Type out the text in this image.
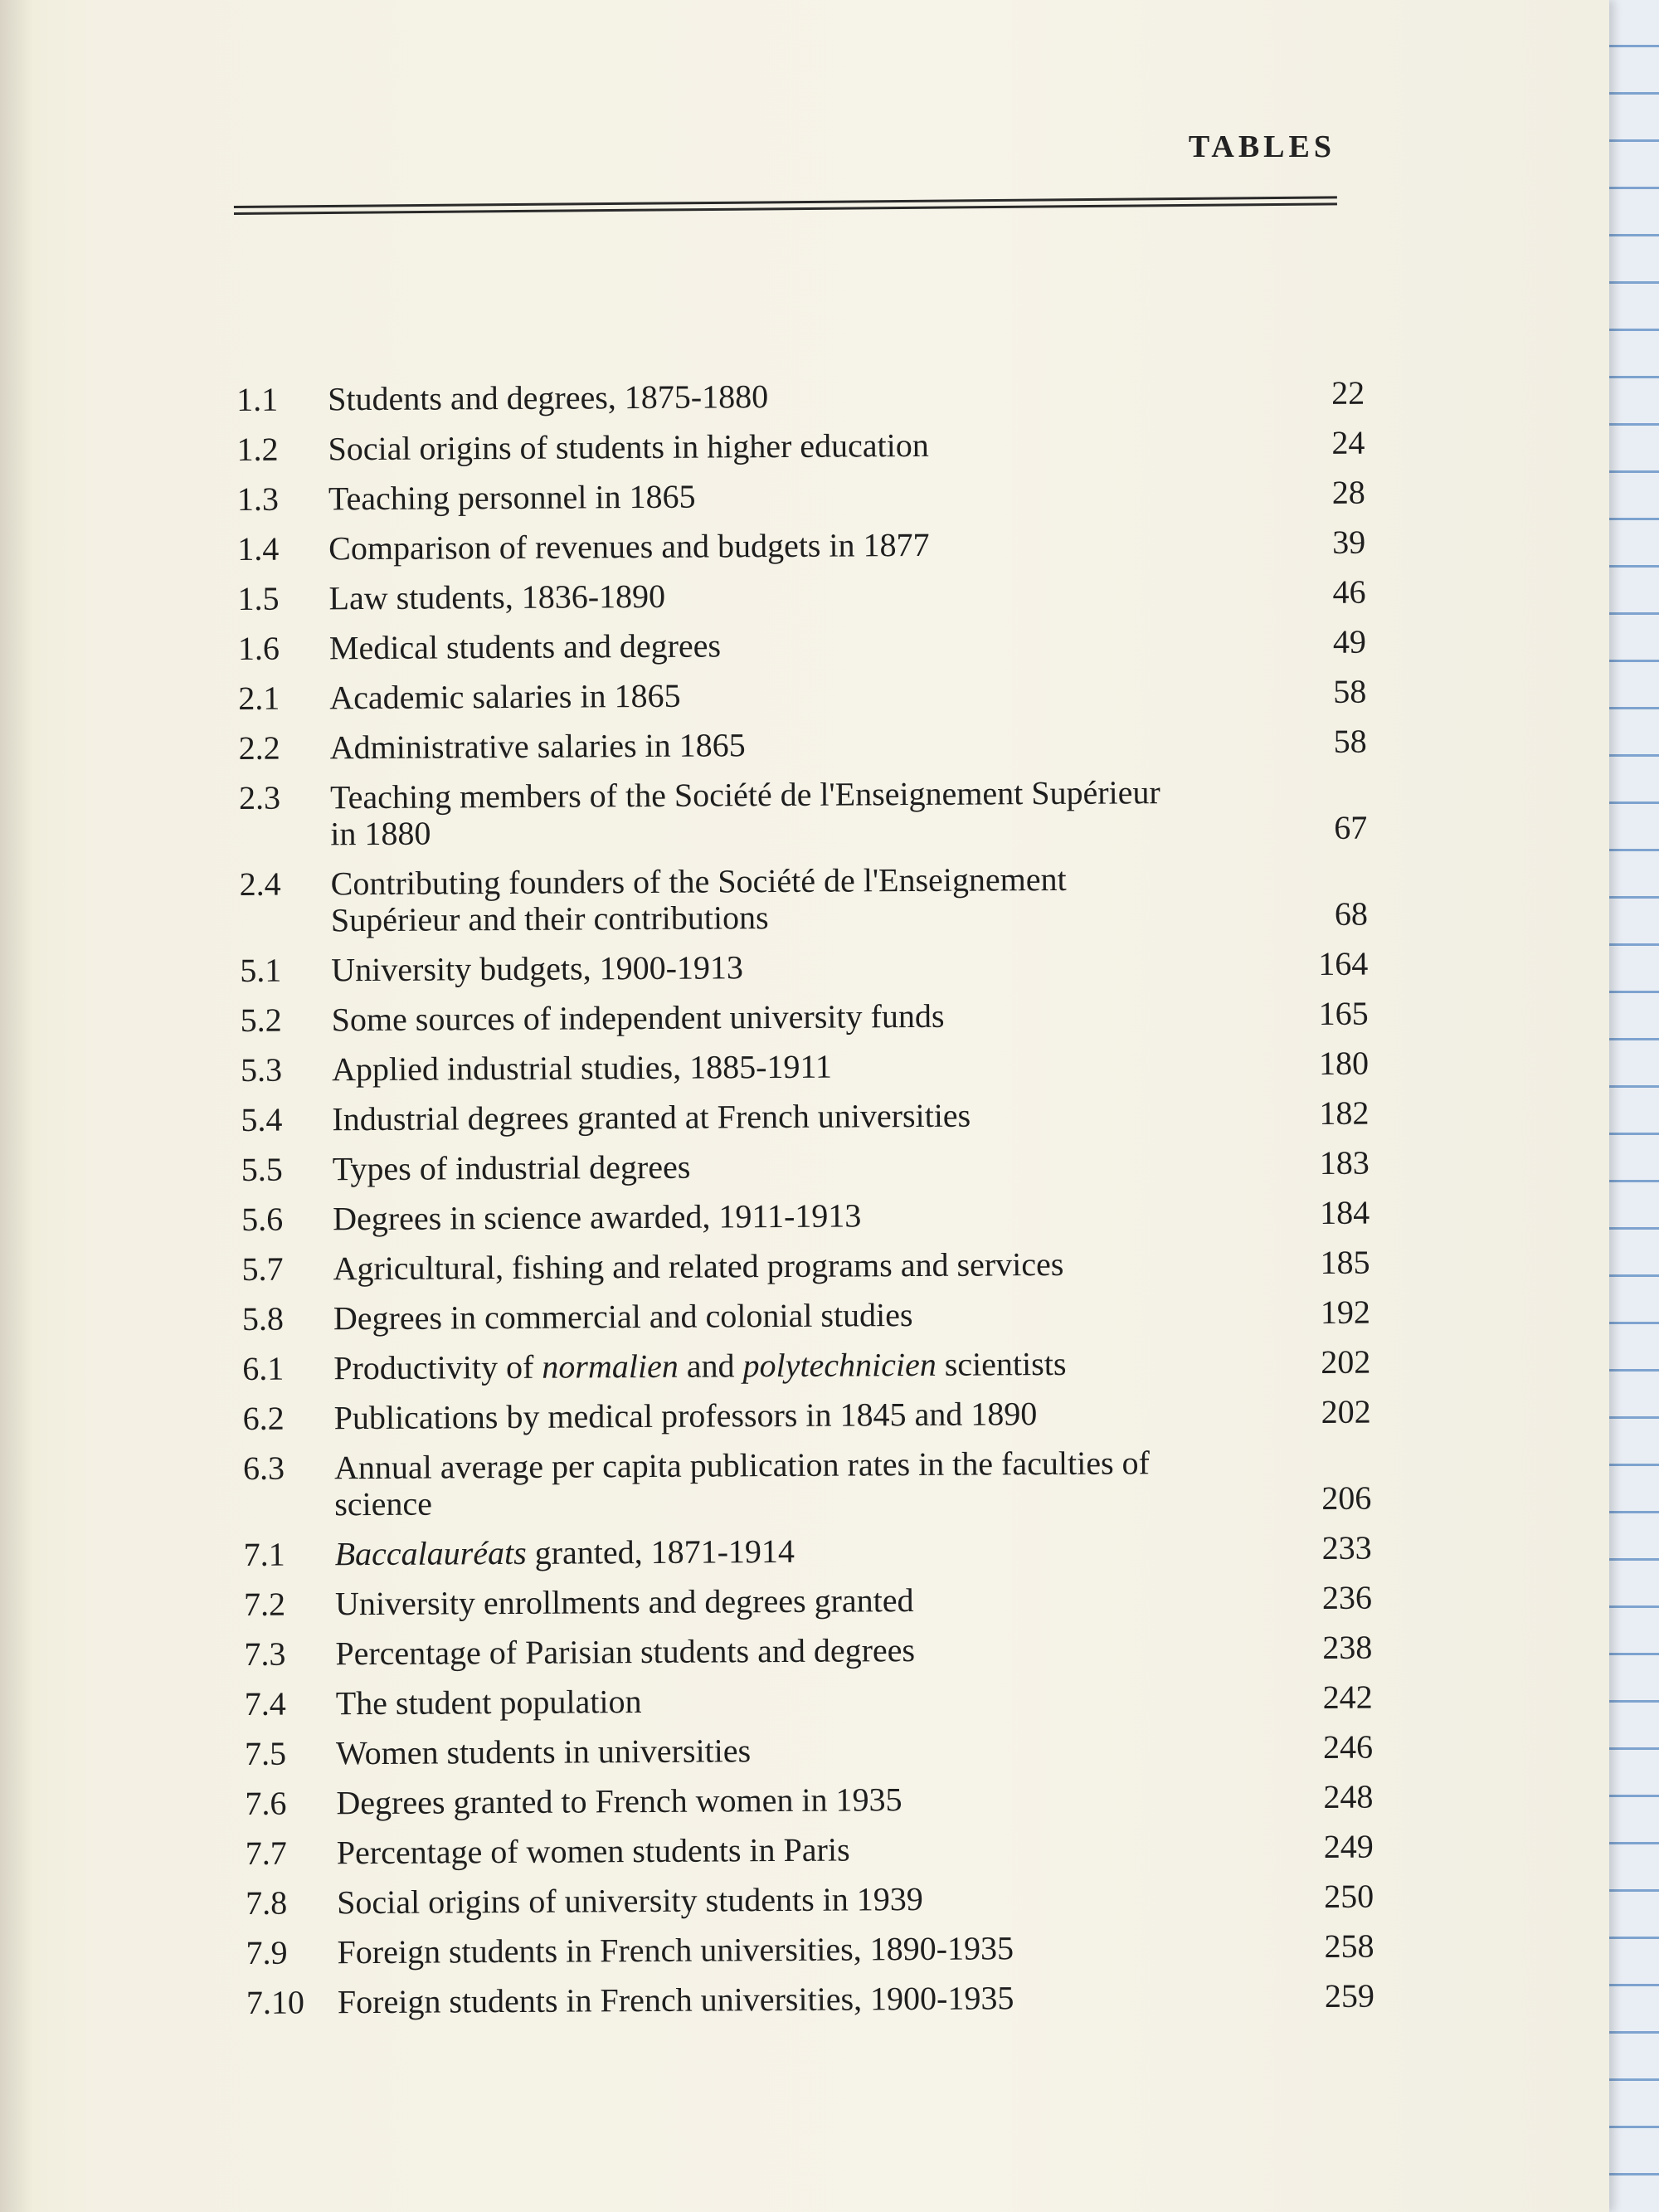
TABLES
1.1	Students and degrees, 1875-1880	22
1.2	Social origins of students in higher education	24
1.3	Teaching personnel in 1865	28
1.4	Comparison of revenues and budgets in 1877	39
1.5	Law students, 1836-1890	46
1.6	Medical students and degrees	49
2.1	Academic salaries in 1865	58
2.2	Administrative salaries in 1865	58
2.3	Teaching members of the Société de l'Enseignement Supérieur
in 1880	67
2.4	Contributing founders of the Société de l'Enseignement
Supérieur and their contributions	68
5.1	University budgets, 1900-1913	164
5.2	Some sources of independent university funds	165
5.3	Applied industrial studies, 1885-1911	180
5.4	Industrial degrees granted at French universities	182
5.5	Types of industrial degrees	183
5.6	Degrees in science awarded, 1911-1913	184
5.7	Agricultural, fishing and related programs and services	185
5.8	Degrees in commercial and colonial studies	192
6.1	Productivity of normalien and polytechnicien scientists	202
6.2	Publications by medical professors in 1845 and 1890	202
6.3	Annual average per capita publication rates in the faculties of
science	206
7.1	Baccalauréats granted, 1871-1914	233
7.2	University enrollments and degrees granted	236
7.3	Percentage of Parisian students and degrees	238
7.4	The student population	242
7.5	Women students in universities	246
7.6	Degrees granted to French women in 1935	248
7.7	Percentage of women students in Paris	249
7.8	Social origins of university students in 1939	250
7.9	Foreign students in French universities, 1890-1935	258
7.10 Foreign students in French universities, 1900-1935	259
